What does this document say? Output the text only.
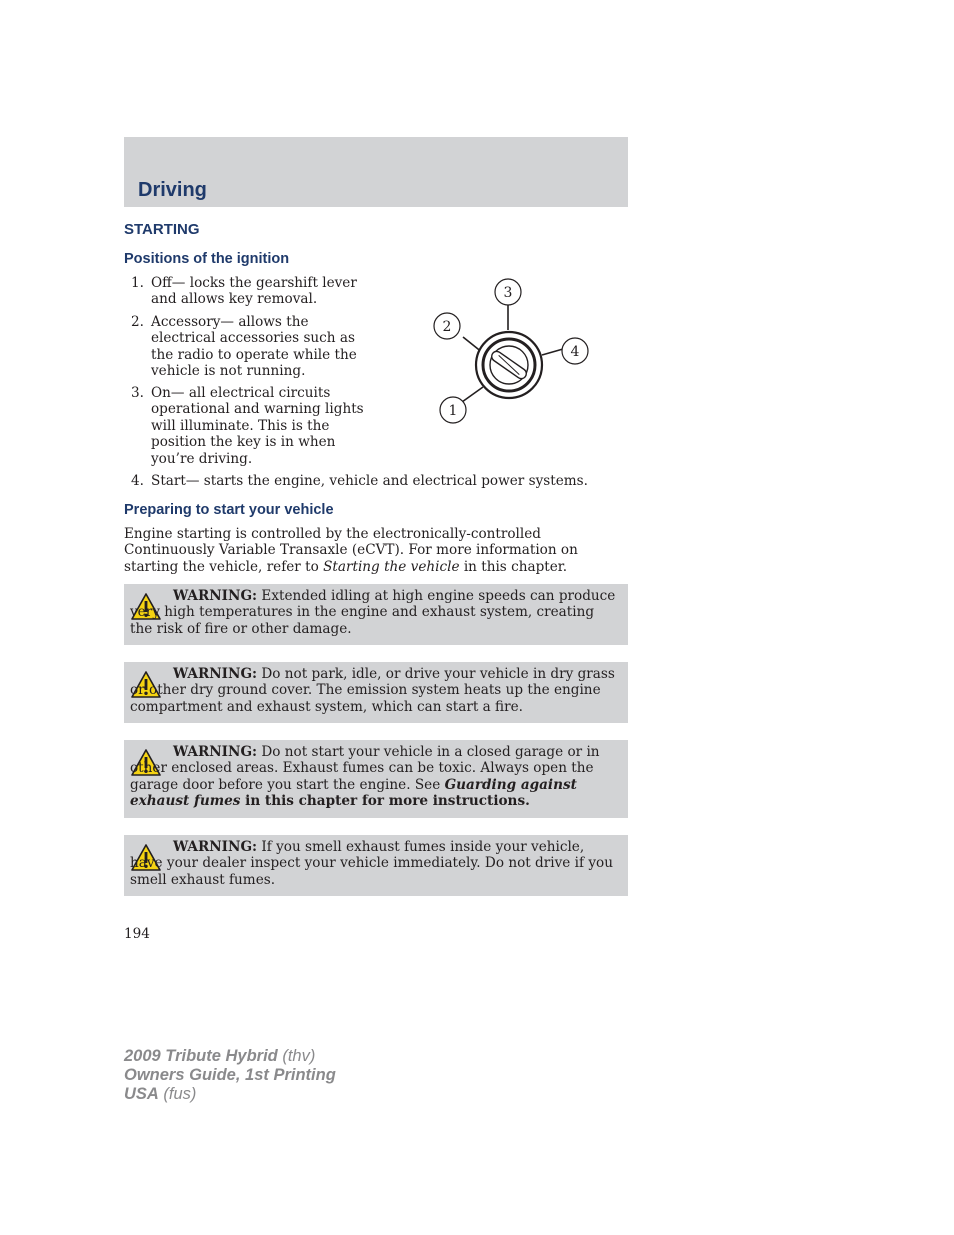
Driving
STARTING
Positions of the ignition
1. Off— locks the gearshift lever and allows key removal.
2. Accessory— allows the electrical accessories such as the radio to operate while the vehicle is not running.
3. On— all electrical circuits operational and warning lights will illuminate. This is the position the key is in when you’re driving.
4. Start— starts the engine, vehicle and electrical power systems.
1
2
3
4
Preparing to start your vehicle
Engine starting is controlled by the electronically-controlled Continuously Variable Transaxle (eCVT). For more information on starting the vehicle, refer to Starting the vehicle in this chapter.
WARNING: Extended idling at high engine speeds can produce very high temperatures in the engine and exhaust system, creating the risk of fire or other damage.
WARNING: Do not park, idle, or drive your vehicle in dry grass or other dry ground cover. The emission system heats up the engine compartment and exhaust system, which can start a fire.
WARNING: Do not start your vehicle in a closed garage or in other enclosed areas. Exhaust fumes can be toxic. Always open the garage door before you start the engine. See Guarding against exhaust fumes in this chapter for more instructions.
WARNING: If you smell exhaust fumes inside your vehicle, have your dealer inspect your vehicle immediately. Do not drive if you smell exhaust fumes.
194
2009 Tribute Hybrid (thv)
Owners Guide, 1st Printing
USA (fus)
